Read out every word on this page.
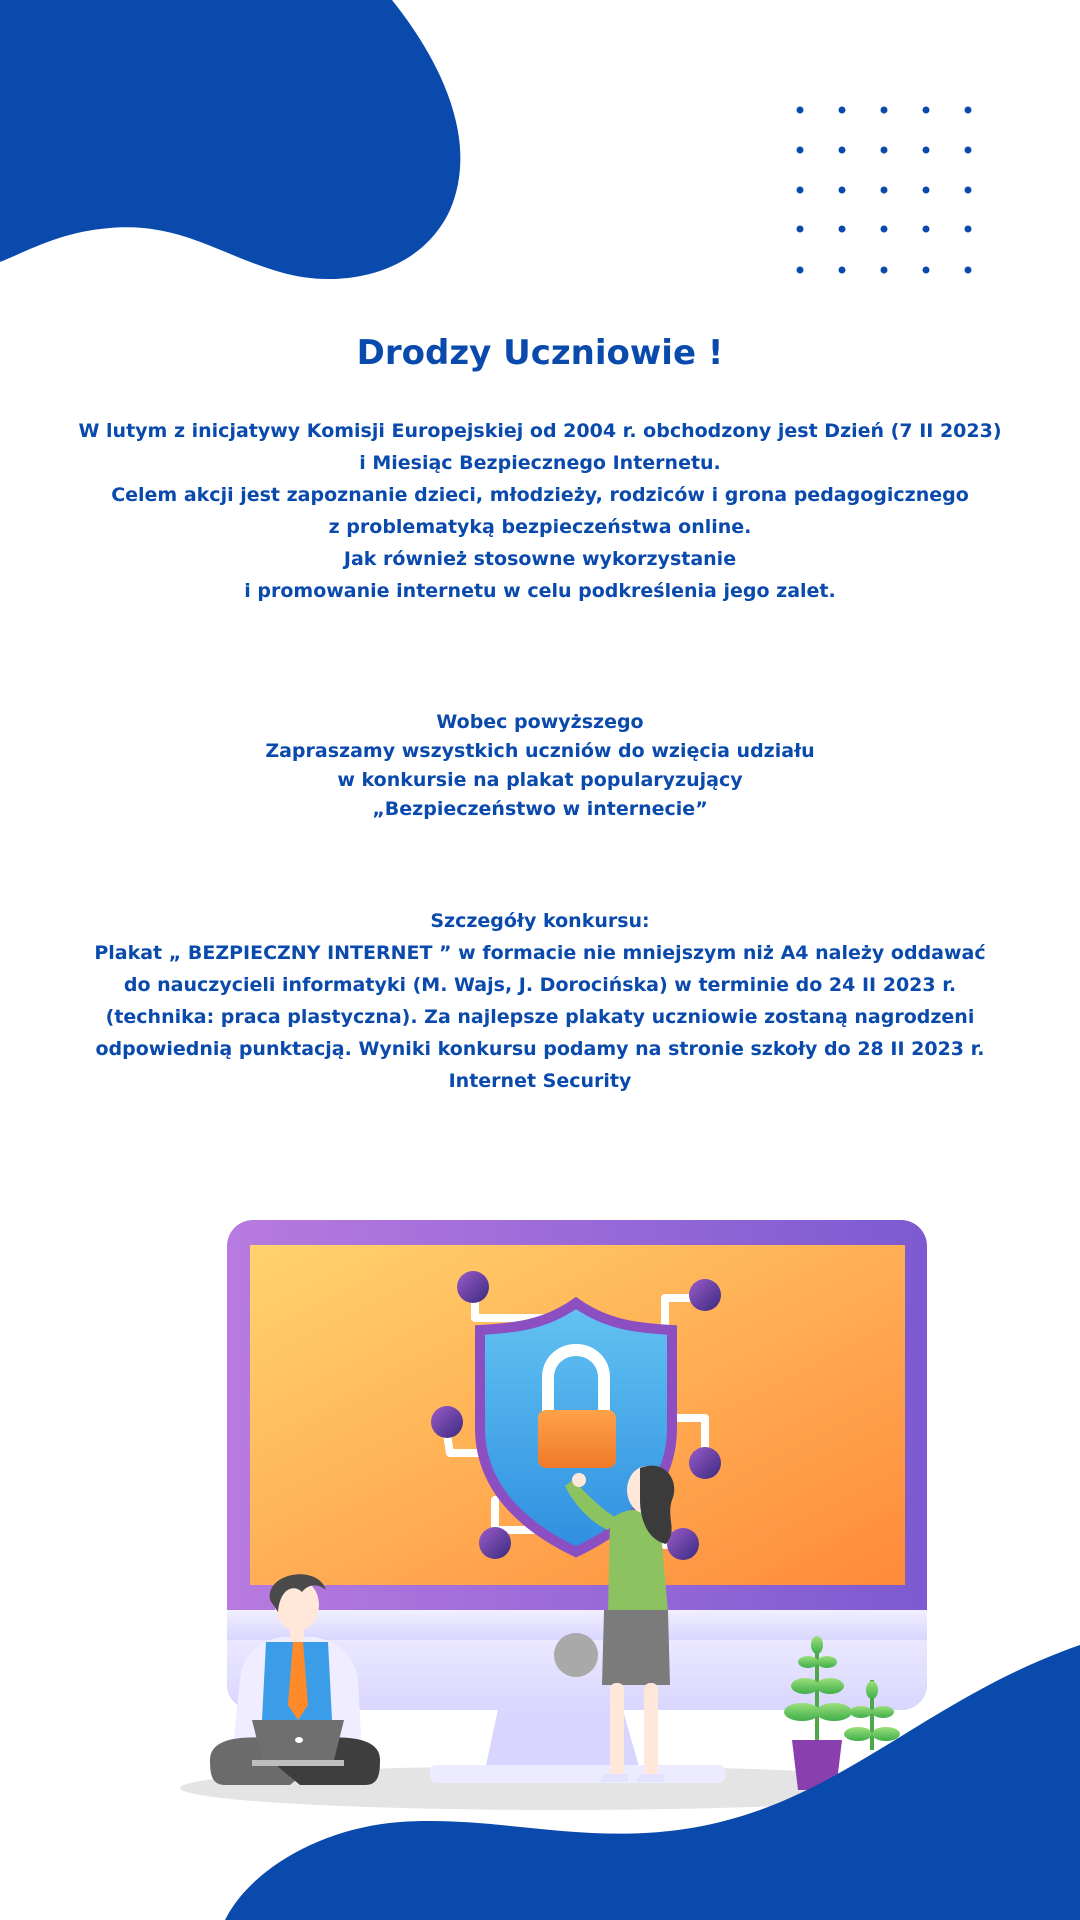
Drodzy Uczniowie !

W lutym z inicjatywy Komisji Europejskiej od 2004 r. obchodzony jest Dzień (7 II 2023)
i Miesiąc Bezpiecznego Internetu.
Celem akcji jest zapoznanie dzieci, młodzieży, rodziców i grona pedagogicznego
z problematyką bezpieczeństwa online.
Jak również stosowne wykorzystanie
i promowanie internetu w celu podkreślenia jego zalet.

Wobec powyższego
Zapraszamy wszystkich uczniów do wzięcia udziału
w konkursie na plakat popularyzujący
„Bezpieczeństwo w internecie”

Szczegóły konkursu:
Plakat „ BEZPIECZNY INTERNET ” w formacie nie mniejszym niż A4 należy oddawać
do nauczycieli informatyki (M. Wajs, J. Dorocińska) w terminie do 24 II 2023 r.
(technika: praca plastyczna). Za najlepsze plakaty uczniowie zostaną nagrodzeni
odpowiednią punktacją. Wyniki konkursu podamy na stronie szkoły do 28 II 2023 r.
Internet Security
